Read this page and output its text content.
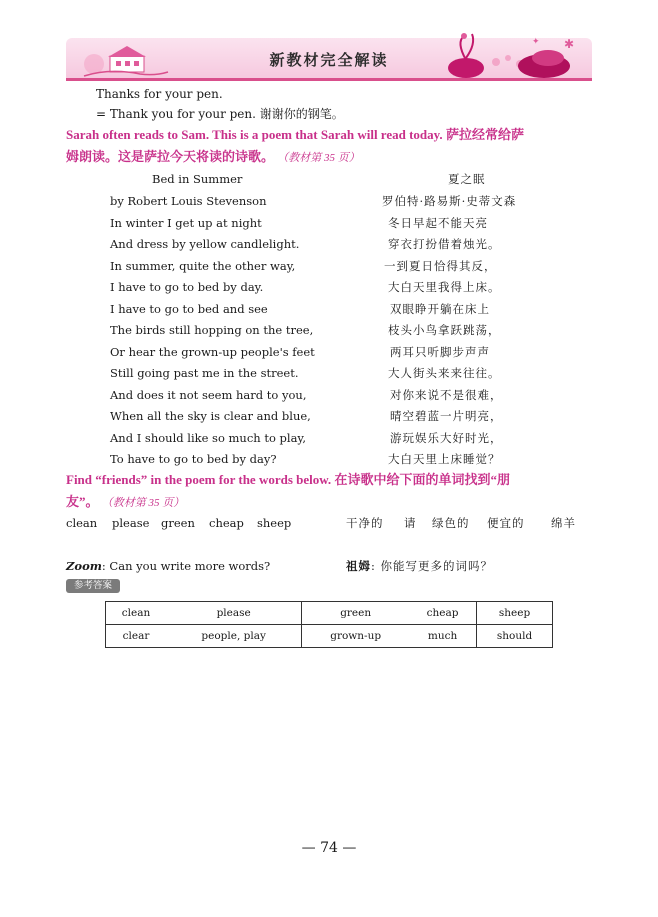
✱
✦
新教材完全解读
Thanks for your pen.
= Thank you for your pen. 谢谢你的钢笔。
Sarah often reads to Sam. This is a poem that Sarah will read today. 萨拉经常给萨
姆朗读。这是萨拉今天将读的诗歌。 （教材第 35 页）
Bed in Summer	夏之眠
by Robert Louis Stevenson	罗伯特·路易斯·史蒂文森
In winter I get up at night	冬日早起不能天亮
And dress by yellow candlelight.	穿衣打扮借着烛光。
In summer, quite the other way,	一到夏日恰得其反，
I have to go to bed by day.	大白天里我得上床。
I have to go to bed and see	双眼睁开躺在床上
The birds still hopping on the tree,	枝头小鸟拿跃跳荡，
Or hear the grown-up people's feet	两耳只听脚步声声
Still going past me in the street.	大人街头来来往往。
And does it not seem hard to you,	对你来说不是很难，
When all the sky is clear and blue,	晴空碧蓝一片明亮，
And I should like so much to play,	游玩娱乐大好时光，
To have to go to bed by day?	大白天里上床睡觉？
Find “friends” in the poem for the words below. 在诗歌中给下面的单词找到“朋
友”。 （教材第 35 页）
clean please green cheap sheep	干净的 请 绿色的 便宜的 绵羊
Zoom: Can you write more words?	祖姆: 你能写更多的词吗？
参考答案
clean	please	green	cheap	sheep
clear	people, play	grown-up	much	should
— 74 —
